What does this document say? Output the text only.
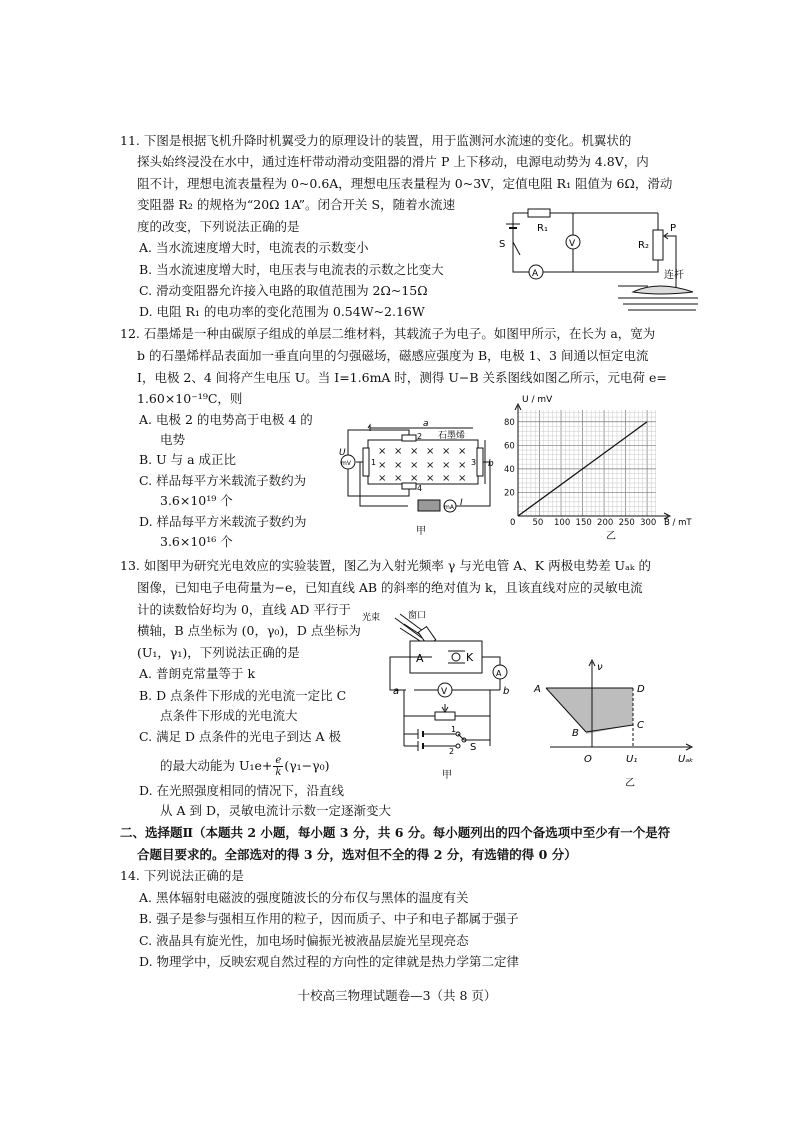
11. 下图是根据飞机升降时机翼受力的原理设计的装置，用于监测河水流速的变化。机翼状的
探头始终浸没在水中，通过连杆带动滑动变阻器的滑片 P 上下移动，电源电动势为 4.8V，内
阻不计，理想电流表量程为 0~0.6A，理想电压表量程为 0~3V，定值电阻 R₁ 阻值为 6Ω，滑动
变阻器 R₂ 的规格为“20Ω 1A”。闭合开关 S，随着水流速
度的改变，下列说法正确的是
A. 当水流速度增大时，电流表的示数变小
B. 当水流速度增大时，电压表与电流表的示数之比变大
C. 滑动变阻器允许接入电路的取值范围为 2Ω~15Ω
D. 电阻 R₁ 的电功率的变化范围为 0.54W~2.16W
R₁
R₂
P
S	V
A	连杆
12. 石墨烯是一种由碳原子组成的单层二维材料，其载流子为电子。如图甲所示，在长为 a，宽为
b 的石墨烯样品表面加一垂直向里的匀强磁场，磁感应强度为 B，电极 1、3 间通以恒定电流
I，电极 2、4 间将产生电压 U。当 I=1.6mA 时，测得 U−B 关系图线如图乙所示，元电荷 e=
1.60×10⁻¹⁹C，则
A. 电极 2 的电势高于电极 4 的
电势
B. U 与 a 成正比
C. 样品每平方米载流子数约为
3.6×10¹⁹ 个
D. 样品每平方米载流子数约为
3.6×10¹⁶ 个
× × × × × ×
× × × × × ×
× × × × × ×
a
b
石墨烯
2
4
1	3
U
mV
mA I
甲
50 100 150 200 250 300
20
40
60
80
U / mV
B / mT
0
乙
13. 如图甲为研究光电效应的实验装置，图乙为入射光频率 γ 与光电管 A、K 两极电势差 Uₐₖ 的
图像，已知电子电荷量为−e，已知直线 AB 的斜率的绝对值为 k，且该直线对应的灵敏电流
计的读数恰好均为 0，直线 AD 平行于
横轴，B 点坐标为 (0，γ₀)，D 点坐标为
(U₁，γ₁)，下列说法正确的是
A. 普朗克常量等于 k
B. D 点条件下形成的光电流一定比 C
点条件下形成的光电流大
C. 满足 D 点条件的光电子到达 A 极
的最大动能为 $U_1e+ \frac{e}{k} (\gamma_1-\gamma_0)$
D. 在光照强度相同的情况下，沿直线
从 A 到 D，灵敏电流计示数一定逐渐变大
光束	窗口
A	K
A
V
a	b
1
2 S
甲
ν
A	D
C
B
O	U₁	Uₐₖ
乙
二、选择题Ⅱ（本题共 2 小题，每小题 3 分，共 6 分。每小题列出的四个备选项中至少有一个是符
合题目要求的。全部选对的得 3 分，选对但不全的得 2 分，有选错的得 0 分）
14. 下列说法正确的是
A. 黑体辐射电磁波的强度随波长的分布仅与黑体的温度有关
B. 强子是参与强相互作用的粒子，因而质子、中子和电子都属于强子
C. 液晶具有旋光性，加电场时偏振光被液晶层旋光呈现亮态
D. 物理学中，反映宏观自然过程的方向性的定律就是热力学第二定律
十校高三物理试题卷—3（共 8 页）
